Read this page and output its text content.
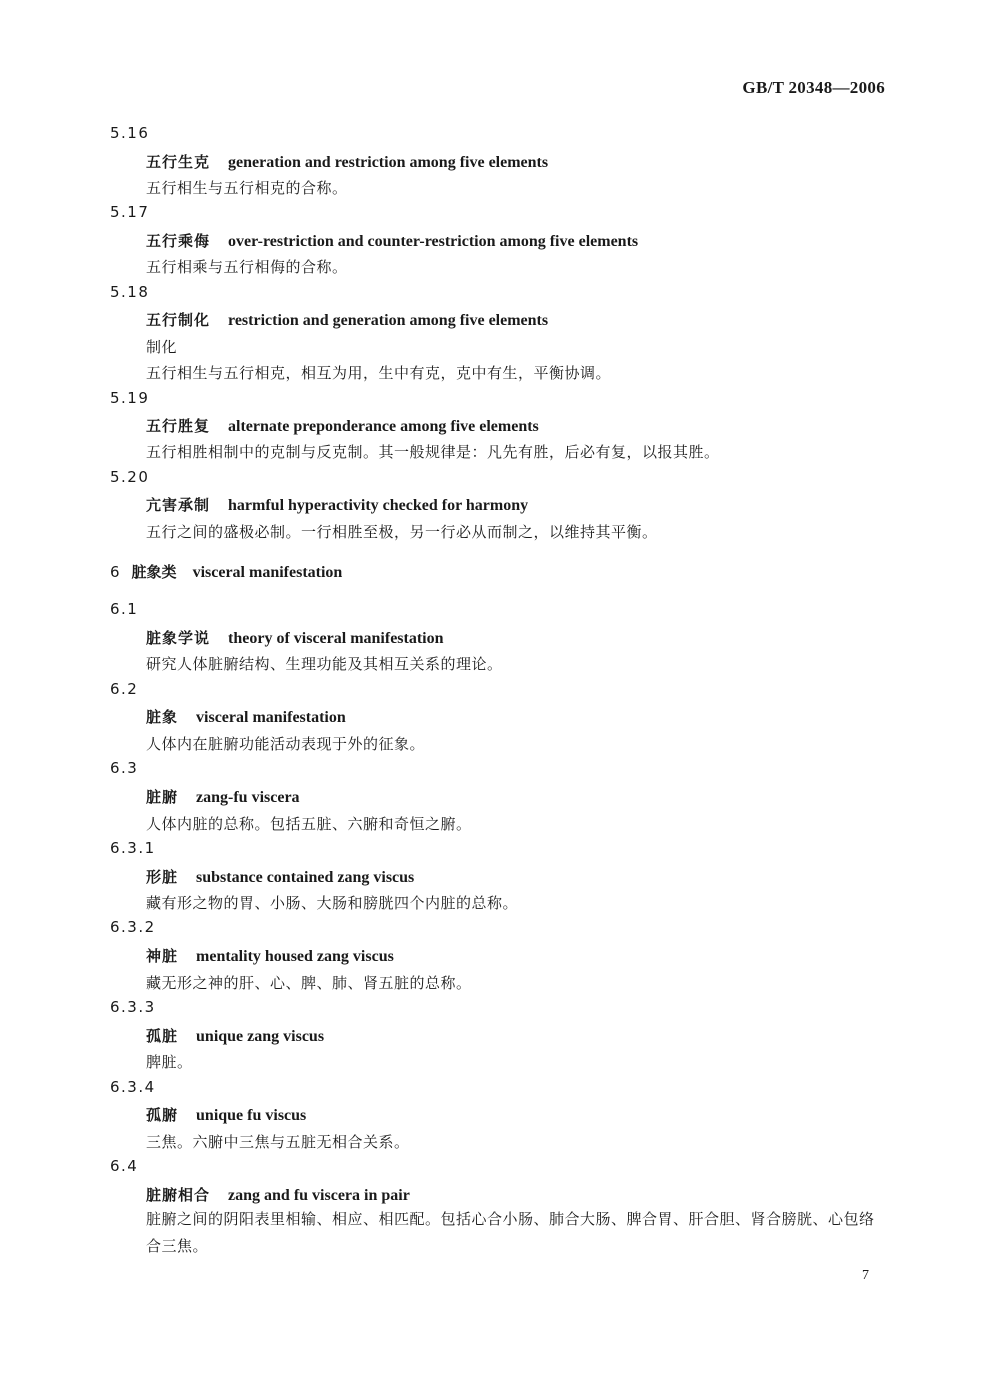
GB/T 20348—2006
5.16
五行生克 generation and restriction among five elements
五行相生与五行相克的合称。
5.17
五行乘侮 over-restriction and counter-restriction among five elements
五行相乘与五行相侮的合称。
5.18
五行制化 restriction and generation among five elements
制化
五行相生与五行相克，相互为用，生中有克，克中有生，平衡协调。
5.19
五行胜复 alternate preponderance among five elements
五行相胜相制中的克制与反克制。其一般规律是：凡先有胜，后必有复，以报其胜。
5.20
亢害承制 harmful hyperactivity checked for harmony
五行之间的盛极必制。一行相胜至极，另一行必从而制之，以维持其平衡。
6 脏象类 visceral manifestation
6.1
脏象学说 theory of visceral manifestation
研究人体脏腑结构、生理功能及其相互关系的理论。
6.2
脏象 visceral manifestation
人体内在脏腑功能活动表现于外的征象。
6.3
脏腑 zang-fu viscera
人体内脏的总称。包括五脏、六腑和奇恒之腑。
6.3.1
形脏 substance contained zang viscus
藏有形之物的胃、小肠、大肠和膀胱四个内脏的总称。
6.3.2
神脏 mentality housed zang viscus
藏无形之神的肝、心、脾、肺、肾五脏的总称。
6.3.3
孤脏 unique zang viscus
脾脏。
6.3.4
孤腑 unique fu viscus
三焦。六腑中三焦与五脏无相合关系。
6.4
脏腑相合 zang and fu viscera in pair
脏腑之间的阴阳表里相输、相应、相匹配。包括心合小肠、肺合大肠、脾合胃、肝合胆、肾合膀胱、心包络合三焦。
7
